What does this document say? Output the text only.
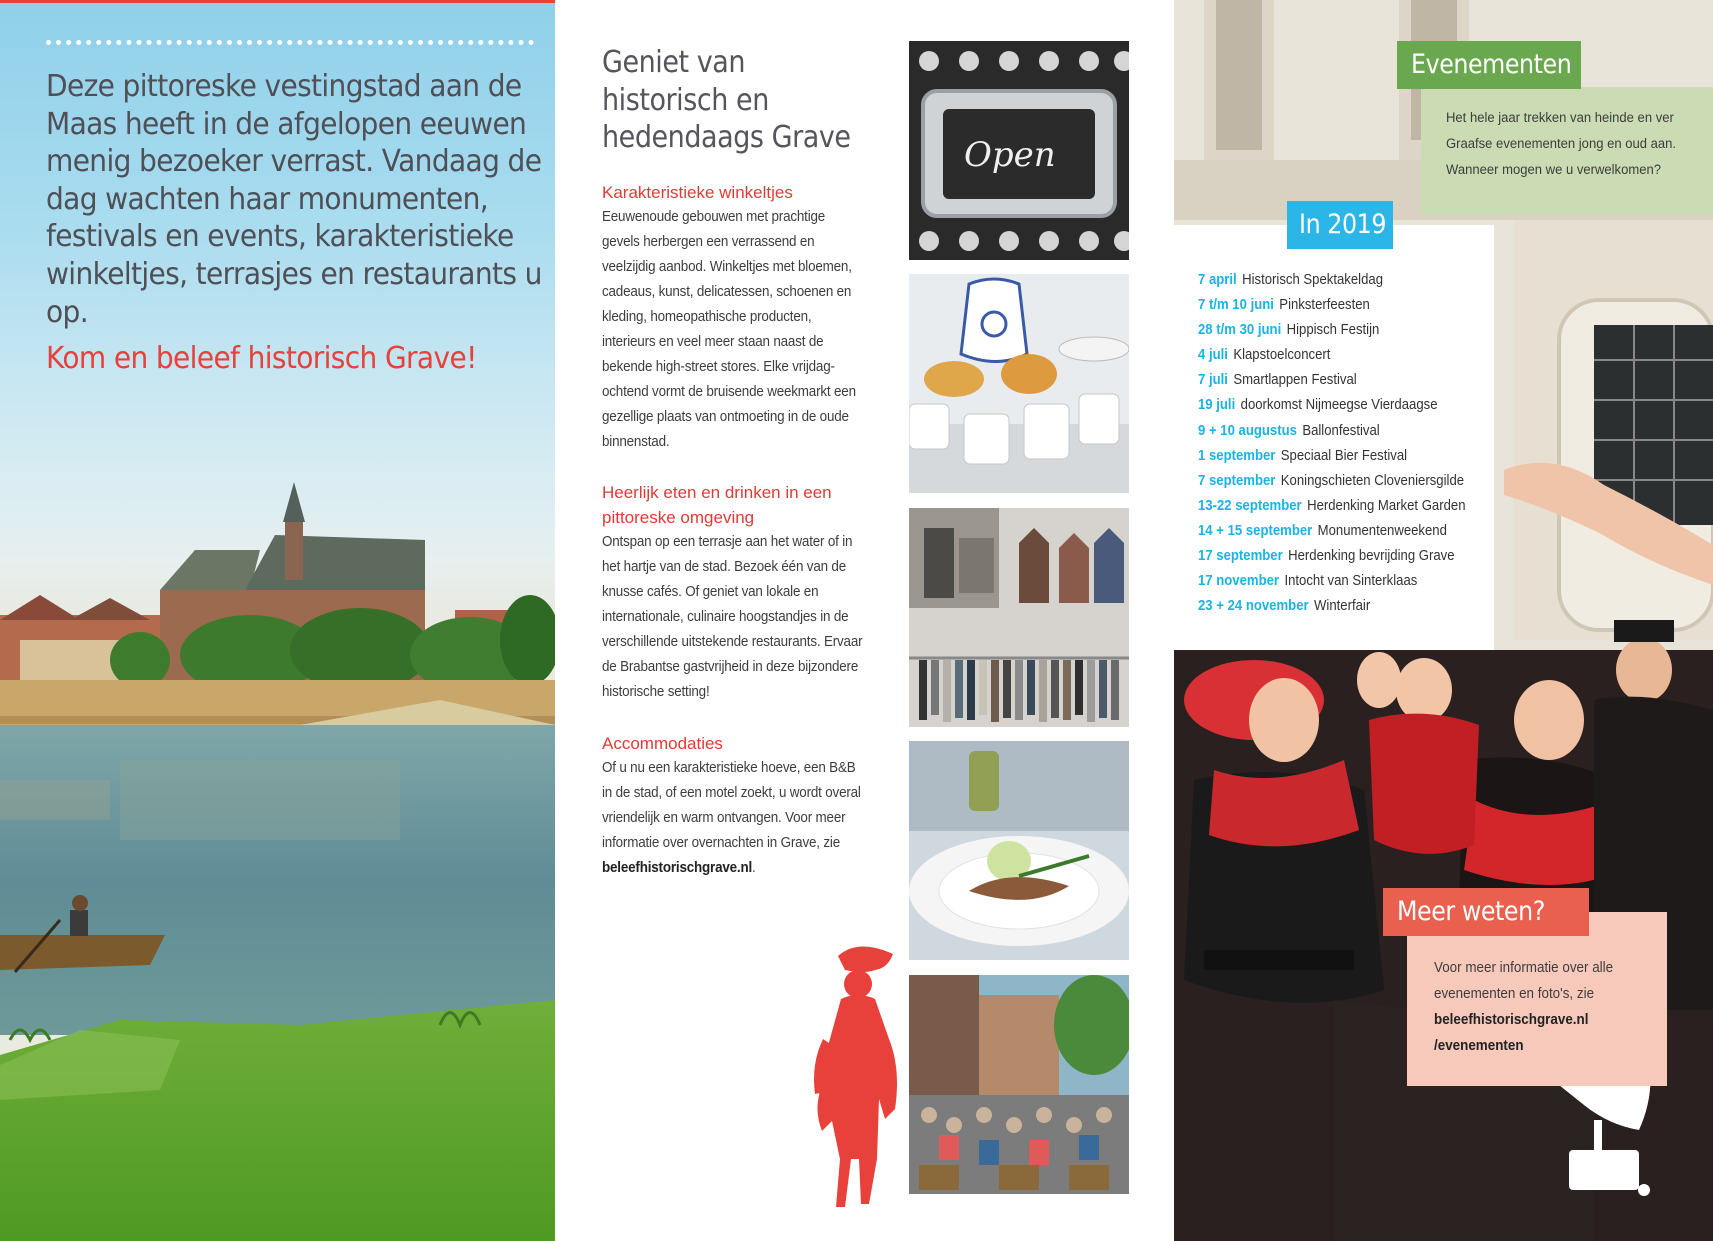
Deze pittoreske vestingstad aan de Maas heeft in de afgelopen eeuwen menig bezoeker verrast. Vandaag de dag wachten haar monumenten, festivals en events, karakteristieke winkeltjes, terrasjes en restaurants u op.

Kom en beleef historisch Grave!

Geniet van historisch en hedendaags Grave
Karakteristieke winkeltjes

Eeuwenoude gebouwen met prachtige gevels herbergen een verrassend en veelzijdig aanbod. Winkeltjes met bloemen, cadeaus, kunst, delicatessen, schoenen en kleding, homeopathische producten, interieurs en veel meer staan naast de bekende high-street stores. Elke vrijdag-ochtend vormt de bruisende weekmarkt een gezellige plaats van ontmoeting in de oude binnenstad.

Heerlijk eten en drinken in een pittoreske omgeving

Ontspan op een terrasje aan het water of in het hartje van de stad. Bezoek één van de knusse cafés. Of geniet van lokale en internationale, culinaire hoogstandjes in de verschillende uitstekende restaurants. Ervaar de Brabantse gastvrijheid in deze bijzondere historische setting!

Accommodaties

Of u nu een karakteristieke hoeve, een B&B in de stad, of een motel zoekt, u wordt overal vriendelijk en warm ontvangen. Voor meer informatie over overnachten in Grave, zie beleefhistorischgrave.nl.

Open
Evenementen

Het hele jaar trekken van heinde en ver Graafse evenementen jong en oud aan. Wanneer mogen we u verwelkomen?

In 2019
Meer weten?

Voor meer informatie over alle evenementen en foto's, zie
beleefhistorischgrave.nl
/evenementen

7 april Historisch Spektakeldag
7 t/m 10 juni Pinksterfeesten
28 t/m 30 juni Hippisch Festijn
4 juli Klapstoelconcert
7 juli Smartlappen Festival
19 juli doorkomst Nijmeegse Vierdaagse
9 + 10 augustus Ballonfestival
1 september Speciaal Bier Festival
7 september Koningschieten Cloveniersgilde
13-22 september Herdenking Market Garden
14 + 15 september Monumentenweekend
17 september Herdenking bevrijding Grave
17 november Intocht van Sinterklaas
23 + 24 november Winterfair
